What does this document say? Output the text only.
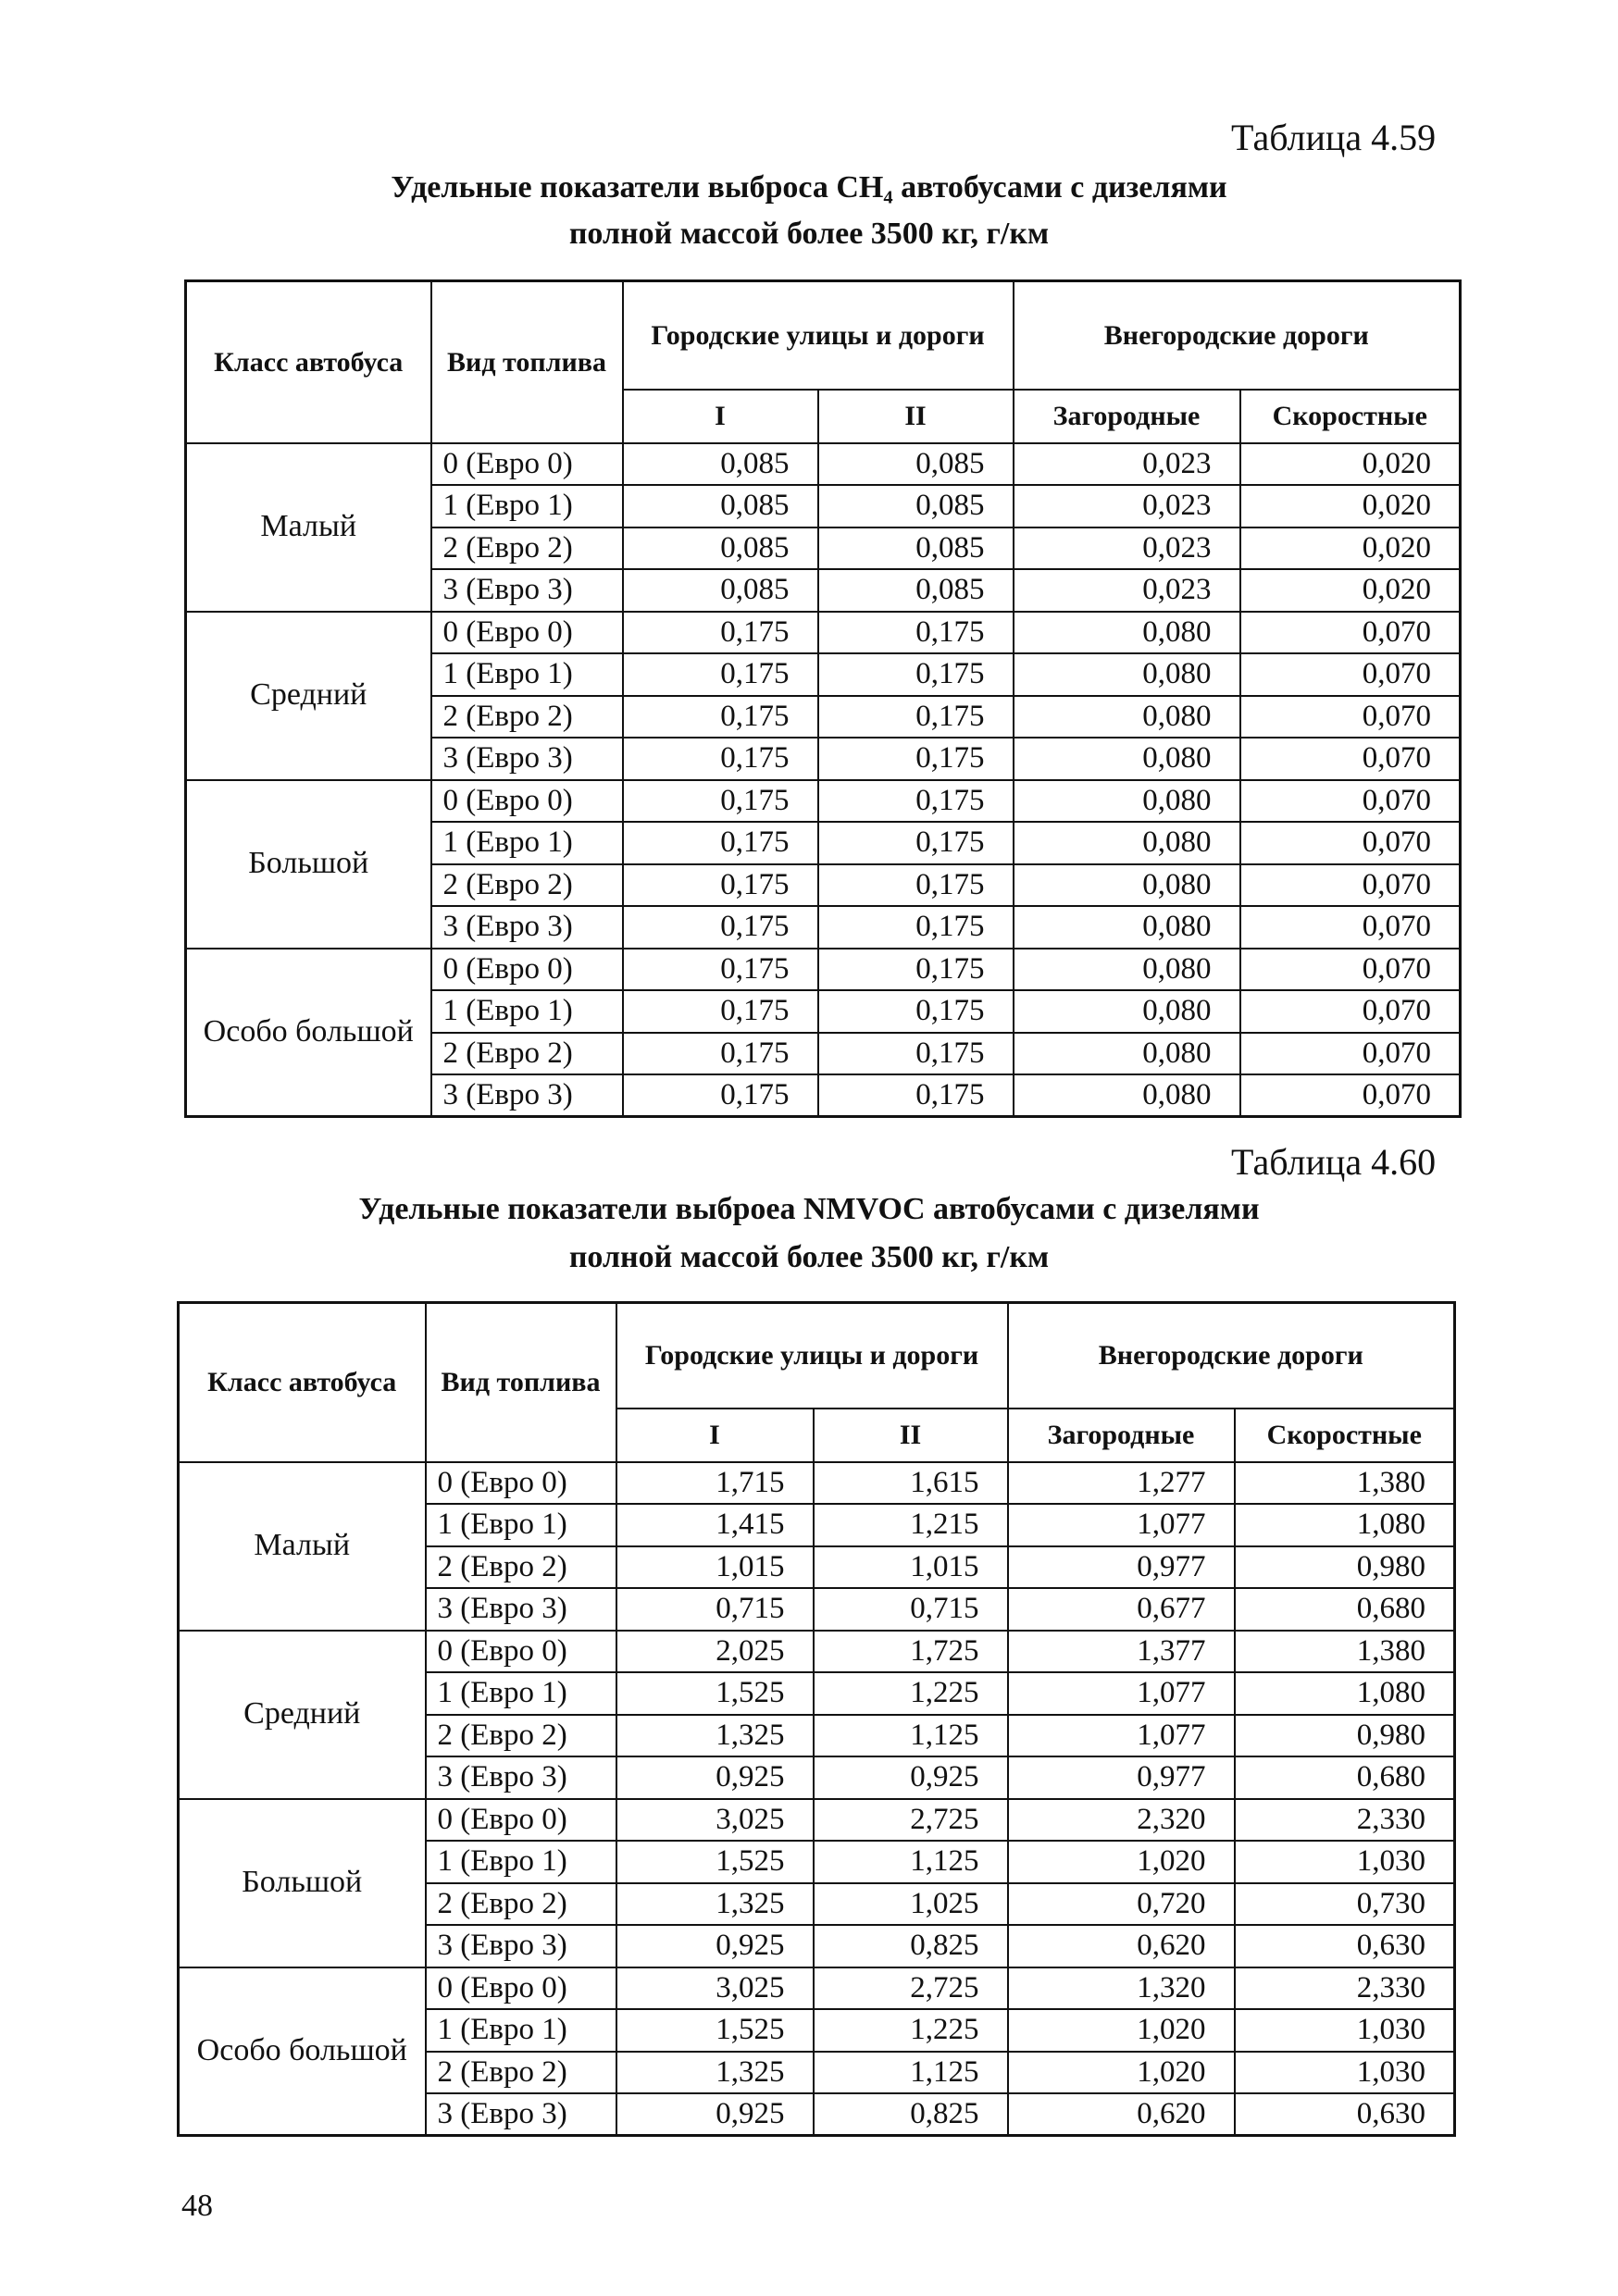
Таблица 4.59
Удельные показатели выброса CH₄ автобусами с дизелями
полной массой более 3500 кг, г/км
Класс автобуса	Вид топлива	Городские улицы и дороги		Внегородские дороги	
		I	II	Загородные	Скоростные
Малый	0 (Евро 0)	0,085	0,085	0,023	0,020
	1 (Евро 1)	0,085	0,085	0,023	0,020
	2 (Евро 2)	0,085	0,085	0,023	0,020
	3 (Евро 3)	0,085	0,085	0,023	0,020
Средний	0 (Евро 0)	0,175	0,175	0,080	0,070
	1 (Евро 1)	0,175	0,175	0,080	0,070
	2 (Евро 2)	0,175	0,175	0,080	0,070
	3 (Евро 3)	0,175	0,175	0,080	0,070
Большой	0 (Евро 0)	0,175	0,175	0,080	0,070
	1 (Евро 1)	0,175	0,175	0,080	0,070
	2 (Евро 2)	0,175	0,175	0,080	0,070
	3 (Евро 3)	0,175	0,175	0,080	0,070
Особо большой	0 (Евро 0)	0,175	0,175	0,080	0,070
	1 (Евро 1)	0,175	0,175	0,080	0,070
	2 (Евро 2)	0,175	0,175	0,080	0,070
	3 (Евро 3)	0,175	0,175	0,080	0,070
Таблица 4.60
Удельные показатели выброеа NMVOC автобусами с дизелями
полной массой более 3500 кг, г/км
Класс автобуса	Вид топлива	Городские улицы и дороги		Внегородские дороги	
		I	II	Загородные	Скоростные
Малый	0 (Евро 0)	1,715	1,615	1,277	1,380
	1 (Евро 1)	1,415	1,215	1,077	1,080
	2 (Евро 2)	1,015	1,015	0,977	0,980
	3 (Евро 3)	0,715	0,715	0,677	0,680
Средний	0 (Евро 0)	2,025	1,725	1,377	1,380
	1 (Евро 1)	1,525	1,225	1,077	1,080
	2 (Евро 2)	1,325	1,125	1,077	0,980
	3 (Евро 3)	0,925	0,925	0,977	0,680
Большой	0 (Евро 0)	3,025	2,725	2,320	2,330
	1 (Евро 1)	1,525	1,125	1,020	1,030
	2 (Евро 2)	1,325	1,025	0,720	0,730
	3 (Евро 3)	0,925	0,825	0,620	0,630
Особо большой	0 (Евро 0)	3,025	2,725	1,320	2,330
	1 (Евро 1)	1,525	1,225	1,020	1,030
	2 (Евро 2)	1,325	1,125	1,020	1,030
	3 (Евро 3)	0,925	0,825	0,620	0,630
48
